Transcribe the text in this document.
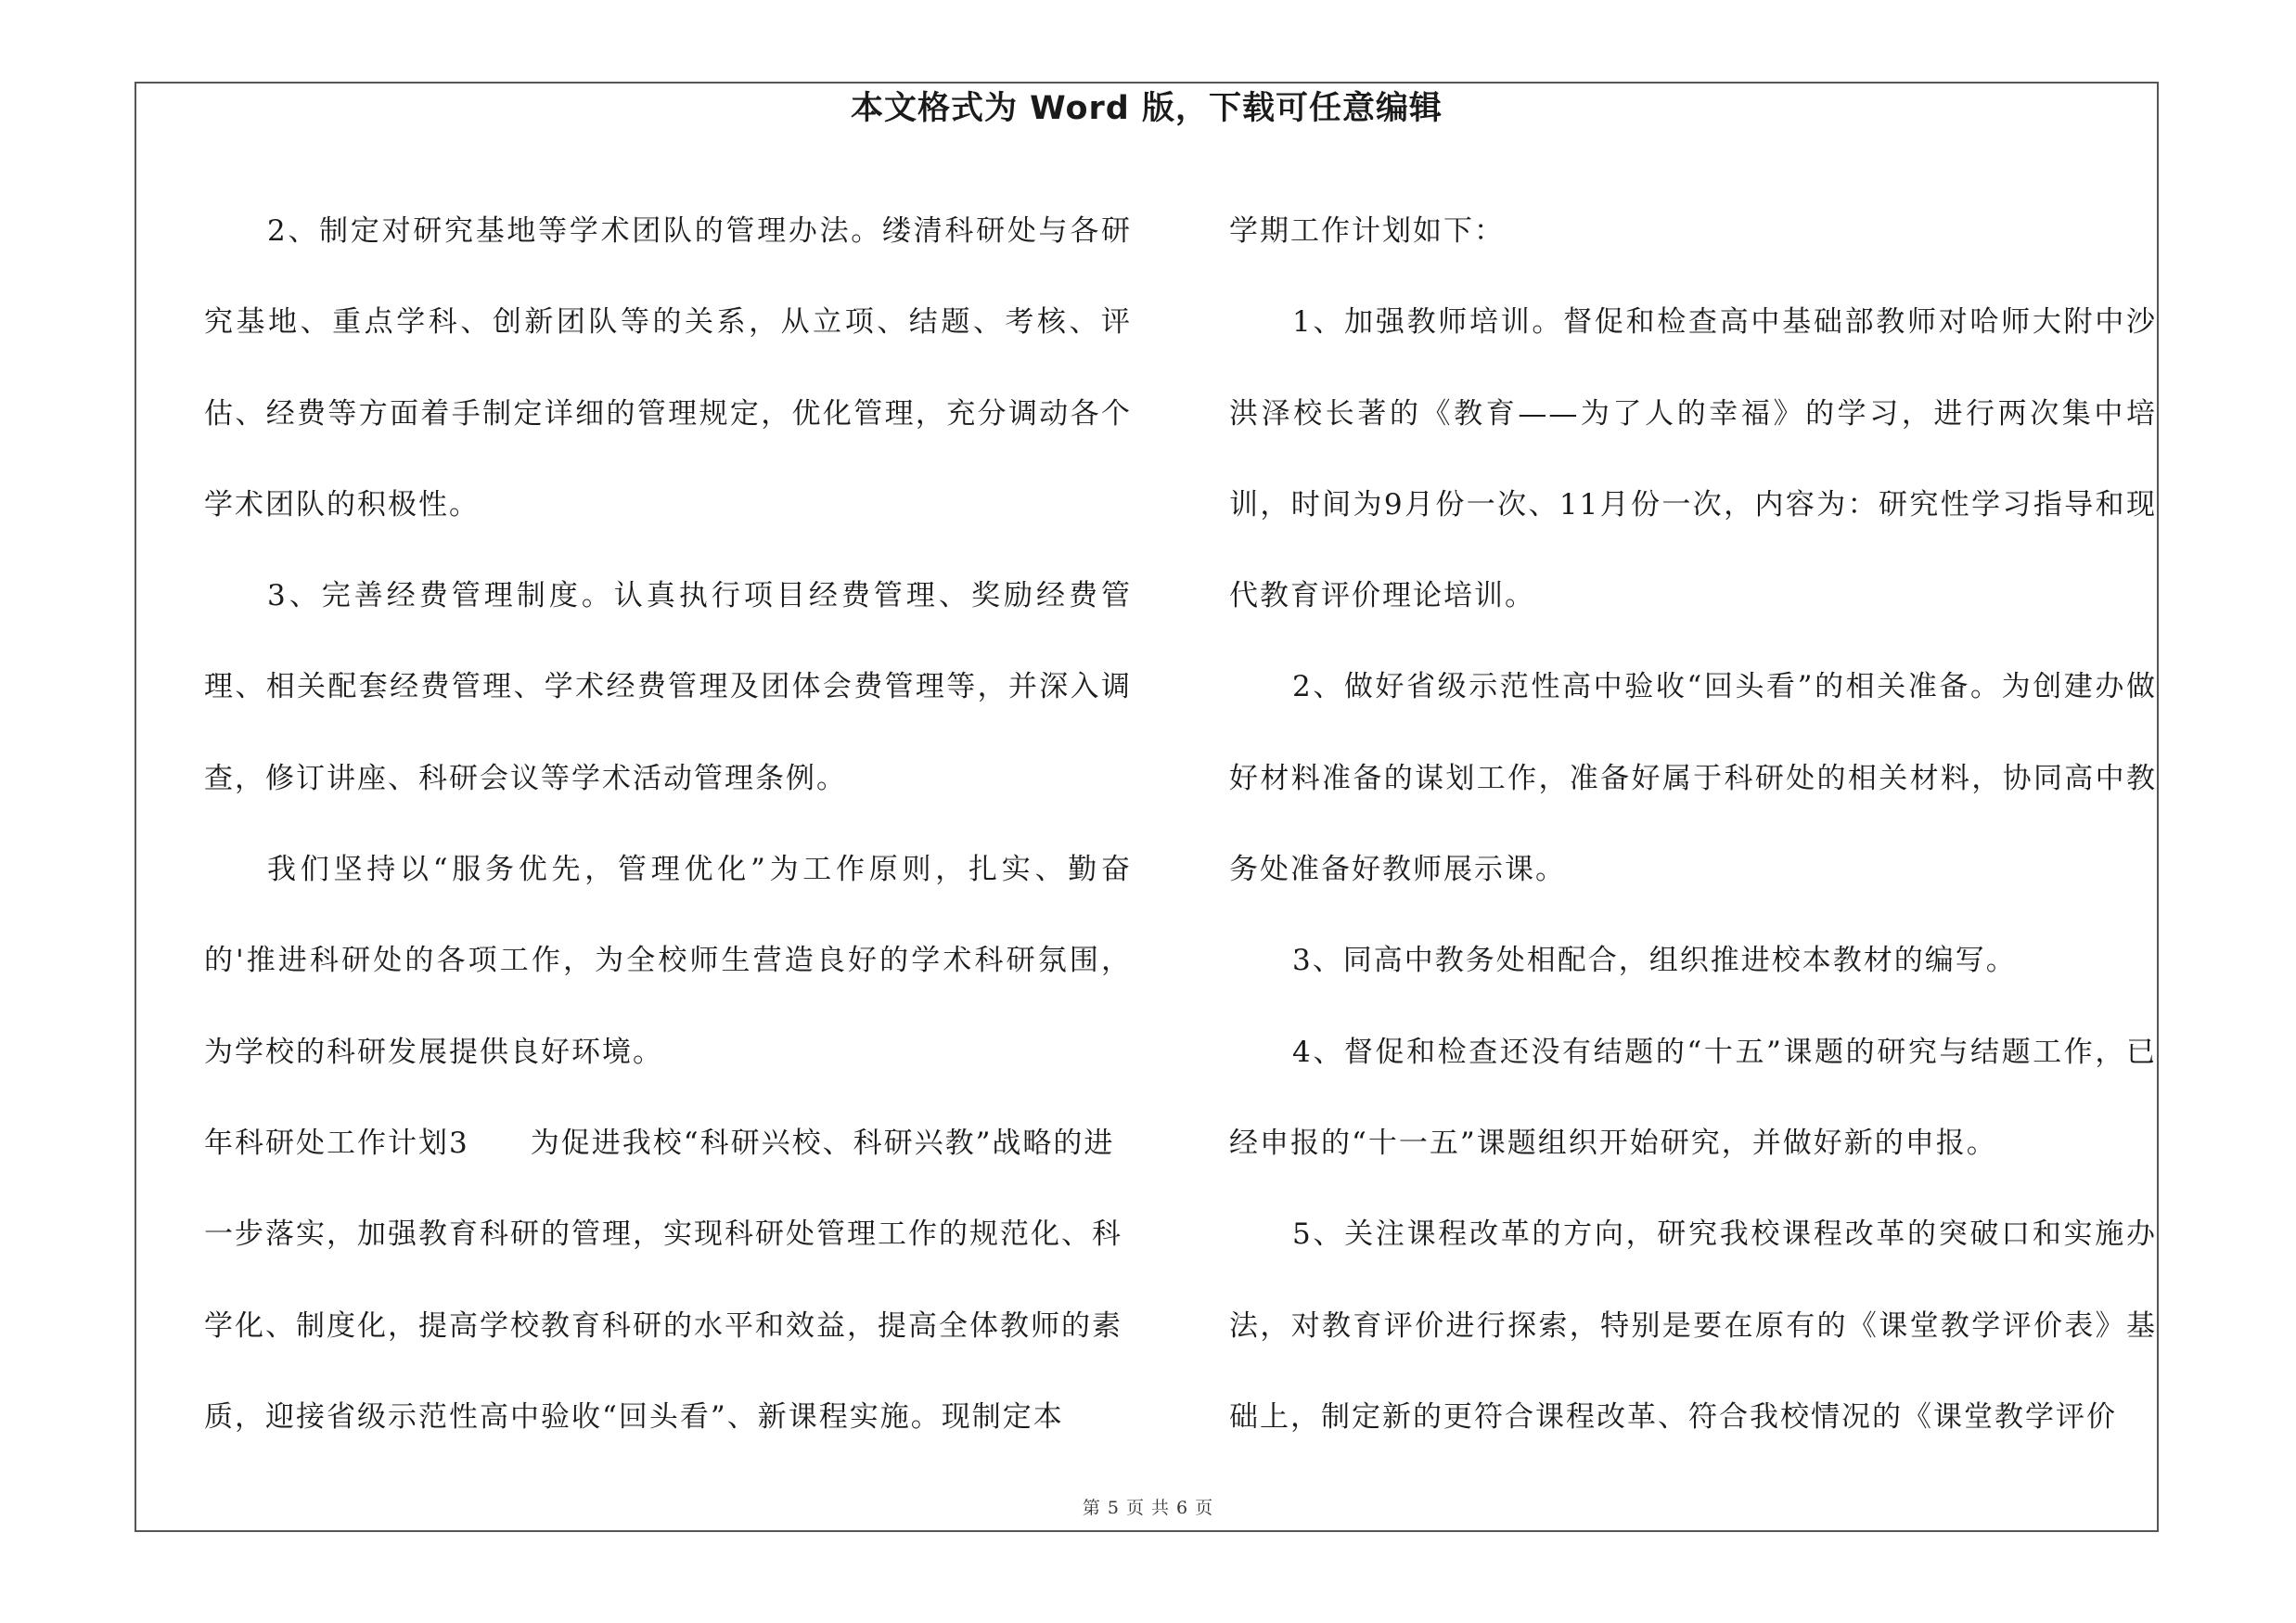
本文格式为 Word 版，下载可任意编辑

2、制定对研究基地等学术团队的管理办法。缕清科研处与各研究基地、重点学科、创新团队等的关系，从立项、结题、考核、评估、经费等方面着手制定详细的管理规定，优化管理，充分调动各个学术团队的积极性。

3、完善经费管理制度。认真执行项目经费管理、奖励经费管理、相关配套经费管理、学术经费管理及团体会费管理等，并深入调查，修订讲座、科研会议等学术活动管理条例。

我们坚持以“服务优先，管理优化”为工作原则，扎实、勤奋的'推进科研处的各项工作，为全校师生营造良好的学术科研氛围，为学校的科研发展提供良好环境。

年科研处工作计划3　　为促进我校“科研兴校、科研兴教”战略的进一步落实，加强教育科研的管理，实现科研处管理工作的规范化、科学化、制度化，提高学校教育科研的水平和效益，提高全体教师的素质，迎接省级示范性高中验收“回头看”、新课程实施。现制定本

学期工作计划如下：

1、加强教师培训。督促和检查高中基础部教师对哈师大附中沙洪泽校长著的《教育——为了人的幸福》的学习，进行两次集中培训，时间为9月份一次、11月份一次，内容为：研究性学习指导和现代教育评价理论培训。

2、做好省级示范性高中验收“回头看”的相关准备。为创建办做好材料准备的谋划工作，准备好属于科研处的相关材料，协同高中教务处准备好教师展示课。

3、同高中教务处相配合，组织推进校本教材的编写。

4、督促和检查还没有结题的“十五”课题的研究与结题工作，已经申报的“十一五”课题组织开始研究，并做好新的申报。

5、关注课程改革的方向，研究我校课程改革的突破口和实施办法，对教育评价进行探索，特别是要在原有的《课堂教学评价表》基础上，制定新的更符合课程改革、符合我校情况的《课堂教学评价

第 5 页 共 6 页
